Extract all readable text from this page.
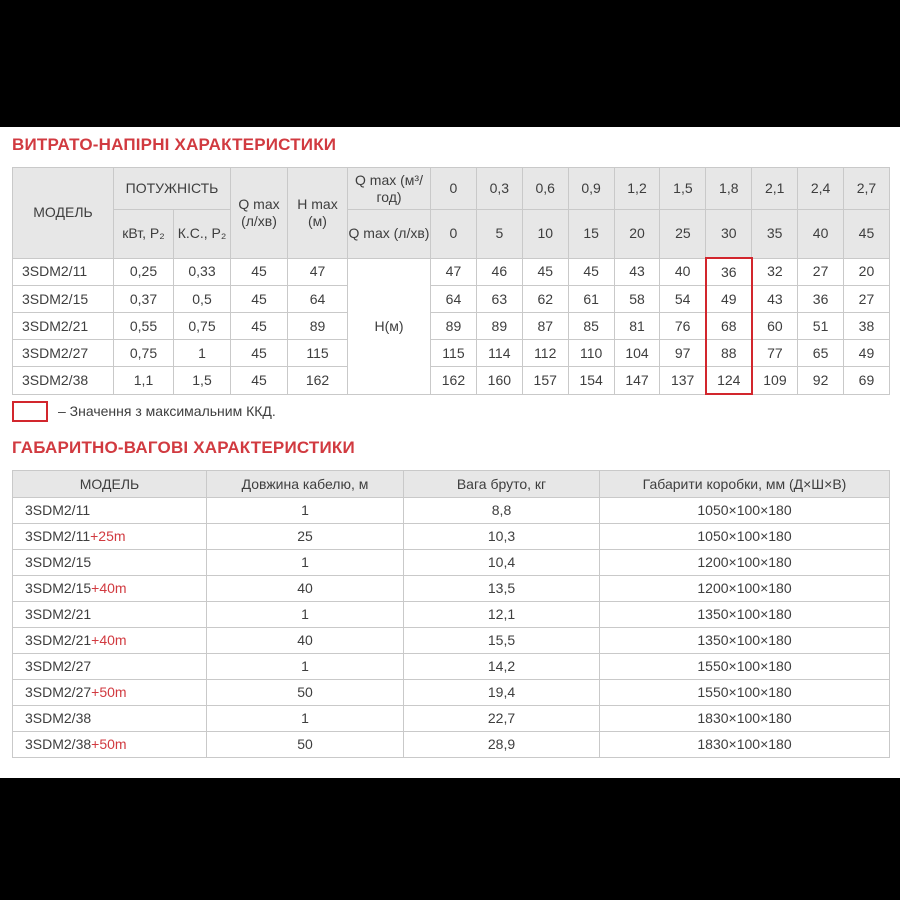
ВИТРАТО-НАПІРНІ ХАРАКТЕРИСТИКИ
МОДЕЛЬ	ПОТУЖНІСТЬ		Q max (л/хв)	H max (м)	Q max (м³/год)	0	0,3	0,6	0,9	1,2	1,5	1,8	2,1	2,4	2,7
	кВт, P₂	К.С., P₂			Q max (л/хв)	0	5	10	15	20	25	30	35	40	45
3SDM2/11	0,25	0,33	45	47	Н(м)	47	46	45	45	43	40	36	32	27	20
3SDM2/15	0,37	0,5	45	64		64	63	62	61	58	54	49	43	36	27
3SDM2/21	0,55	0,75	45	89		89	89	87	85	81	76	68	60	51	38
3SDM2/27	0,75	1	45	115		115	114	112	110	104	97	88	77	65	49
3SDM2/38	1,1	1,5	45	162		162	160	157	154	147	137	124	109	92	69
– Значення з максимальним ККД.
ГАБАРИТНО-ВАГОВІ ХАРАКТЕРИСТИКИ
МОДЕЛЬ	Довжина кабелю, м	Вага бруто, кг	Габарити коробки, мм (Д×Ш×В)
3SDM2/11	1	8,8	1050×100×180
3SDM2/11+25m	25	10,3	1050×100×180
3SDM2/15	1	10,4	1200×100×180
3SDM2/15+40m	40	13,5	1200×100×180
3SDM2/21	1	12,1	1350×100×180
3SDM2/21+40m	40	15,5	1350×100×180
3SDM2/27	1	14,2	1550×100×180
3SDM2/27+50m	50	19,4	1550×100×180
3SDM2/38	1	22,7	1830×100×180
3SDM2/38+50m	50	28,9	1830×100×180
